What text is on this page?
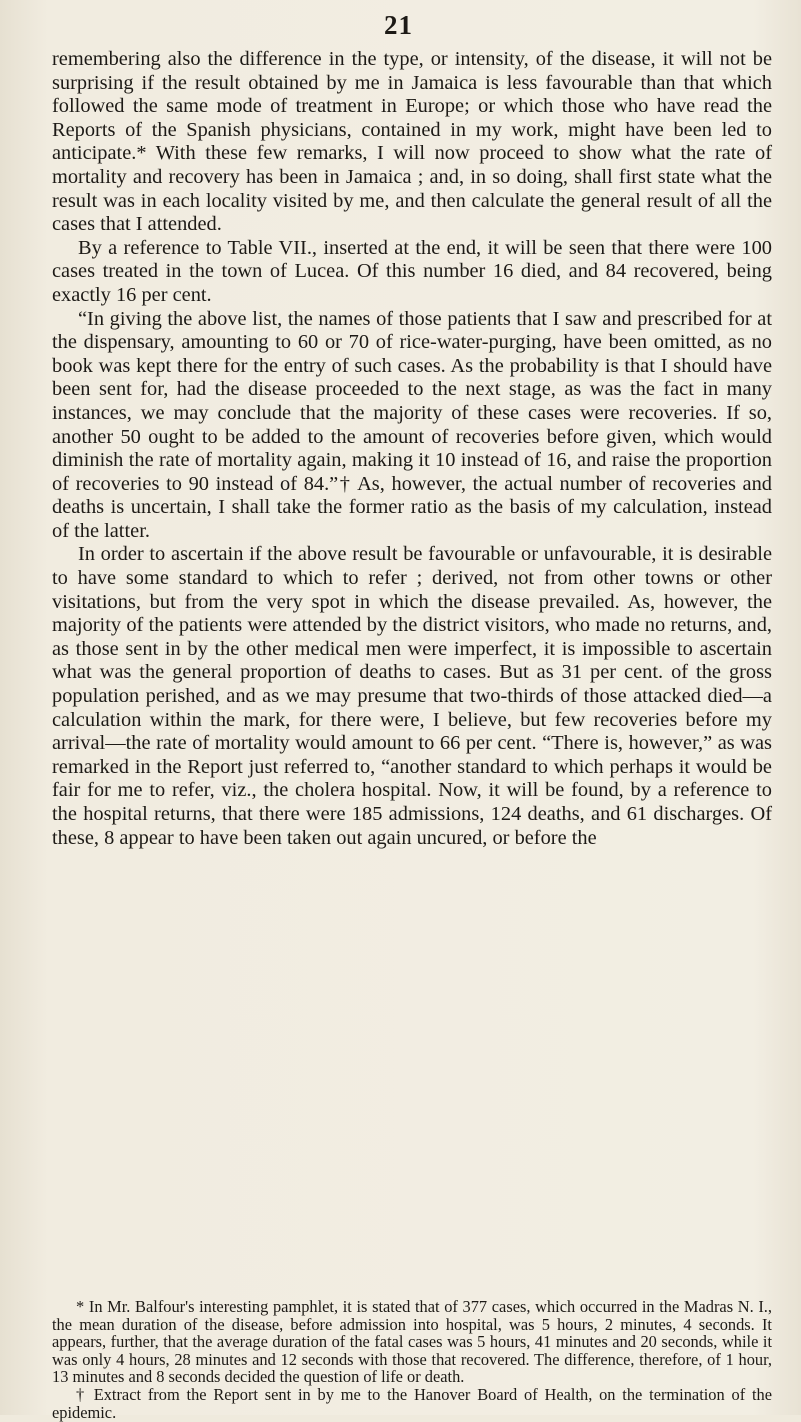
21

remembering also the difference in the type, or intensity, of the disease, it will not be surprising if the result obtained by me in Jamaica is less favourable than that which followed the same mode of treatment in Europe; or which those who have read the Reports of the Spanish physicians, contained in my work, might have been led to anticipate.* With these few remarks, I will now proceed to show what the rate of mortality and recovery has been in Jamaica ; and, in so doing, shall first state what the result was in each locality visited by me, and then calculate the general result of all the cases that I attended.

By a reference to Table VII., inserted at the end, it will be seen that there were 100 cases treated in the town of Lucea. Of this number 16 died, and 84 recovered, being exactly 16 per cent.

“In giving the above list, the names of those patients that I saw and prescribed for at the dispensary, amounting to 60 or 70 of rice-water-purging, have been omitted, as no book was kept there for the entry of such cases. As the probability is that I should have been sent for, had the disease proceeded to the next stage, as was the fact in many instances, we may conclude that the majority of these cases were recoveries. If so, another 50 ought to be added to the amount of recoveries before given, which would diminish the rate of mortality again, making it 10 instead of 16, and raise the proportion of recoveries to 90 instead of 84.”† As, however, the actual number of recoveries and deaths is uncertain, I shall take the former ratio as the basis of my calculation, instead of the latter.

In order to ascertain if the above result be favourable or unfavourable, it is desirable to have some standard to which to refer ; derived, not from other towns or other visitations, but from the very spot in which the disease prevailed. As, however, the majority of the patients were attended by the district visitors, who made no returns, and, as those sent in by the other medical men were imperfect, it is impossible to ascertain what was the general proportion of deaths to cases. But as 31 per cent. of the gross population perished, and as we may presume that two-thirds of those attacked died—a calculation within the mark, for there were, I believe, but few recoveries before my arrival—the rate of mortality would amount to 66 per cent. “There is, however,” as was remarked in the Report just referred to, “another standard to which perhaps it would be fair for me to refer, viz., the cholera hospital. Now, it will be found, by a reference to the hospital returns, that there were 185 admissions, 124 deaths, and 61 discharges. Of these, 8 appear to have been taken out again uncured, or before the

* In Mr. Balfour's interesting pamphlet, it is stated that of 377 cases, which occurred in the Madras N. I., the mean duration of the disease, before admission into hospital, was 5 hours, 2 minutes, 4 seconds. It appears, further, that the average duration of the fatal cases was 5 hours, 41 minutes and 20 seconds, while it was only 4 hours, 28 minutes and 12 seconds with those that recovered. The difference, therefore, of 1 hour, 13 minutes and 8 seconds decided the question of life or death.

† Extract from the Report sent in by me to the Hanover Board of Health, on the termination of the epidemic.
